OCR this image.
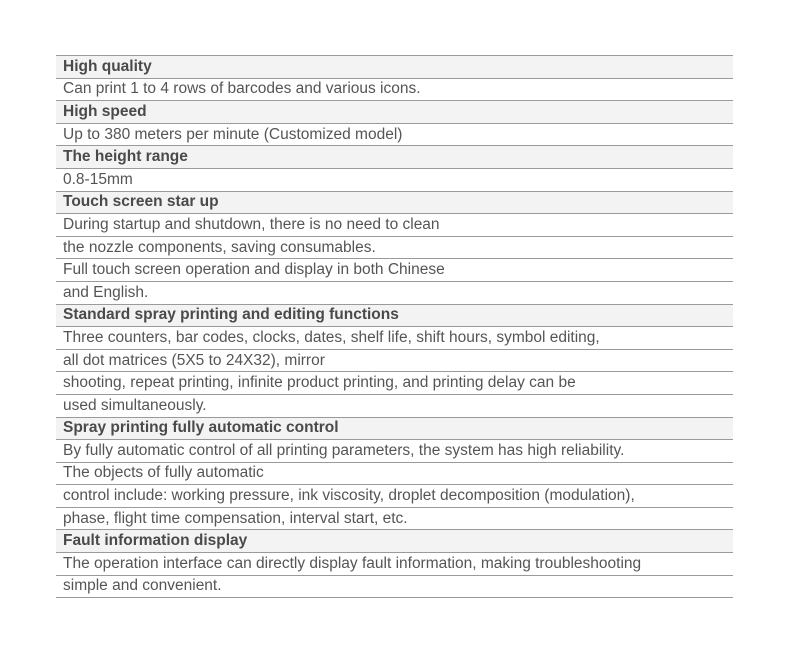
High quality
Can print 1 to 4 rows of barcodes and various icons.
High speed
Up to 380 meters per minute (Customized model)
The height range
0.8-15mm
Touch screen star up
During startup and shutdown, there is no need to clean
the nozzle components, saving consumables.
Full touch screen operation and display in both Chinese
and English.
Standard spray printing and editing functions
Three counters, bar codes, clocks, dates, shelf life, shift hours, symbol editing,
all dot matrices (5X5 to 24X32), mirror
shooting, repeat printing, infinite product printing, and printing delay can be
used simultaneously.
Spray printing fully automatic control
By fully automatic control of all printing parameters, the system has high reliability.
The objects of fully automatic
control include: working pressure, ink viscosity, droplet decomposition (modulation),
phase, flight time compensation, interval start, etc.
Fault information display
The operation interface can directly display fault information, making troubleshooting
simple and convenient.
